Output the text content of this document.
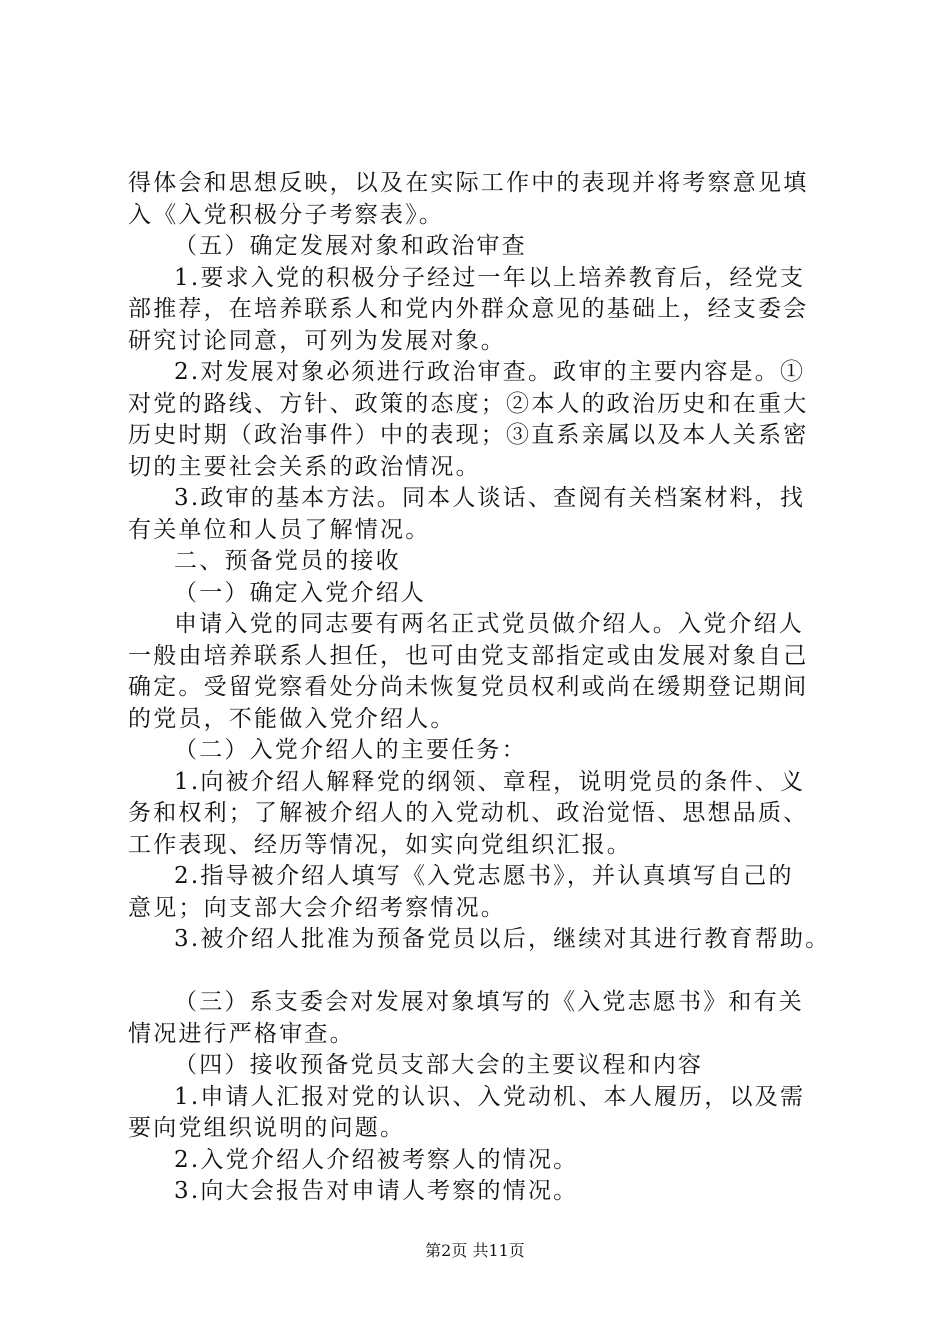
得体会和思想反映，以及在实际工作中的表现并将考察意见填
入《入党积极分子考察表》。
（五）确定发展对象和政治审查
1.要求入党的积极分子经过一年以上培养教育后，经党支
部推荐，在培养联系人和党内外群众意见的基础上，经支委会
研究讨论同意，可列为发展对象。
2.对发展对象必须进行政治审查。政审的主要内容是。①
对党的路线、方针、政策的态度；②本人的政治历史和在重大
历史时期（政治事件）中的表现；③直系亲属以及本人关系密
切的主要社会关系的政治情况。
3.政审的基本方法。同本人谈话、查阅有关档案材料，找
有关单位和人员了解情况。
二、预备党员的接收
（一）确定入党介绍人
申请入党的同志要有两名正式党员做介绍人。入党介绍人
一般由培养联系人担任，也可由党支部指定或由发展对象自己
确定。受留党察看处分尚未恢复党员权利或尚在缓期登记期间
的党员，不能做入党介绍人。
（二）入党介绍人的主要任务：
1.向被介绍人解释党的纲领、章程，说明党员的条件、义
务和权利；了解被介绍人的入党动机、政治觉悟、思想品质、
工作表现、经历等情况，如实向党组织汇报。
2.指导被介绍人填写《入党志愿书》，并认真填写自己的
意见；向支部大会介绍考察情况。
3.被介绍人批准为预备党员以后，继续对其进行教育帮助。
（三）系支委会对发展对象填写的《入党志愿书》和有关
情况进行严格审查。
（四）接收预备党员支部大会的主要议程和内容
1.申请人汇报对党的认识、入党动机、本人履历，以及需
要向党组织说明的问题。
2.入党介绍人介绍被考察人的情况。
3.向大会报告对申请人考察的情况。
第2页 共11页
